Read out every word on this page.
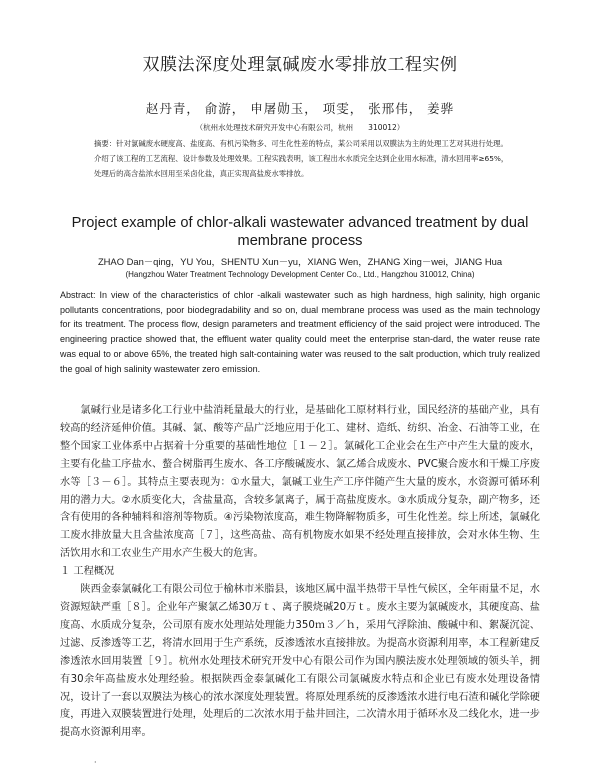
双膜法深度处理氯碱废水零排放工程实例
赵丹青， 俞游， 申屠勋玉， 项雯， 张邢伟， 姜骅
（杭州水处理技术研究开发中心有限公司，杭州　　310012）
摘要：针对氯碱废水硬度高、盐度高、有机污染物多、可生化性差的特点，某公司采用以双膜法为主的处理工艺对其进行处理。介绍了该工程的工艺流程、设计参数及处理效果。工程实践表明，该工程出水水质完全达到企业用水标准，清水回用率≥65%，处理后的高含盐浓水回用至采卤化盐，真正实现高盐废水零排放。
Project example of chlor-alkali wastewater advanced treatment by dual membrane process
ZHAO Dan－qing，YU You，SHENTU Xun－yu，XIANG Wen，ZHANG Xing－wei，JIANG Hua
(Hangzhou Water Treatment Technology Development Center Co., Ltd., Hangzhou 310012, China)
Abstract: In view of the characteristics of chlor -alkali wastewater such as high hardness, high salinity, high organic pollutants concentrations, poor biodegradability and so on, dual membrane process was used as the main technology for its treatment. The process flow, design parameters and treatment efficiency of the said project were introduced. The engineering practice showed that, the effluent water quality could meet the enterprise stan-dard, the water reuse rate was equal to or above 65%, the treated high salt-containing water was reused to the salt production, which truly realized the goal of high salinity wastewater zero emission.

氯碱行业是诸多化工行业中盐消耗量最大的行业，是基础化工原材料行业，国民经济的基础产业，具有较高的经济延伸价值。其碱、氯、酸等产品广泛地应用于化工、建材、造纸、纺织、冶金、石油等工业，在整个国家工业体系中占据着十分重要的基础性地位［１－２］。氯碱化工企业会在生产中产生大量的废水，主要有化盐工序盐水、螯合树脂再生废水、各工序酸碱废水、氯乙烯合成废水、PVC聚合废水和干燥工序废水等［３－６］。其特点主要表现为：①水量大，氯碱工业生产工序伴随产生大量的废水，水资源可循环利用的潜力大。②水质变化大，含盐量高，含较多氯离子，属于高盐度废水。③水质成分复杂，副产物多，还含有使用的各种辅料和溶剂等物质。④污染物浓度高，难生物降解物质多，可生化性差。综上所述，氯碱化工废水排放量大且含盐浓度高［７］，这些高盐、高有机物废水如果不经处理直接排放，会对水体生物、生活饮用水和工农业生产用水产生极大的危害。

１ 工程概况

陕西金泰氯碱化工有限公司位于榆林市米脂县，该地区属中温半热带干旱性气候区，全年雨量不足，水资源短缺严重［８］。企业年产聚氯乙烯30万ｔ、离子膜烧碱20万ｔ。废水主要为氯碱废水，其硬度高、盐度高、水质成分复杂，公司原有废水处理站处理能力350ｍ３／ｈ，采用气浮除油、酸碱中和、絮凝沉淀、过滤、反渗透等工艺，将清水回用于生产系统，反渗透浓水直接排放。为提高水资源利用率，本工程新建反渗透浓水回用装置［９］。杭州水处理技术研究开发中心有限公司作为国内膜法废水处理领域的领头羊，拥有30余年高盐废水处理经验。根据陕西金泰氯碱化工有限公司氯碱废水特点和企业已有废水处理设备情况，设计了一套以双膜法为核心的浓水深度处理装置。将原处理系统的反渗透浓水进行电石渣和碱化学除硬度，再进入双膜装置进行处理，处理后的二次浓水用于盐井回注，二次清水用于循环水及二线化水，进一步提高水资源利用率。

·
